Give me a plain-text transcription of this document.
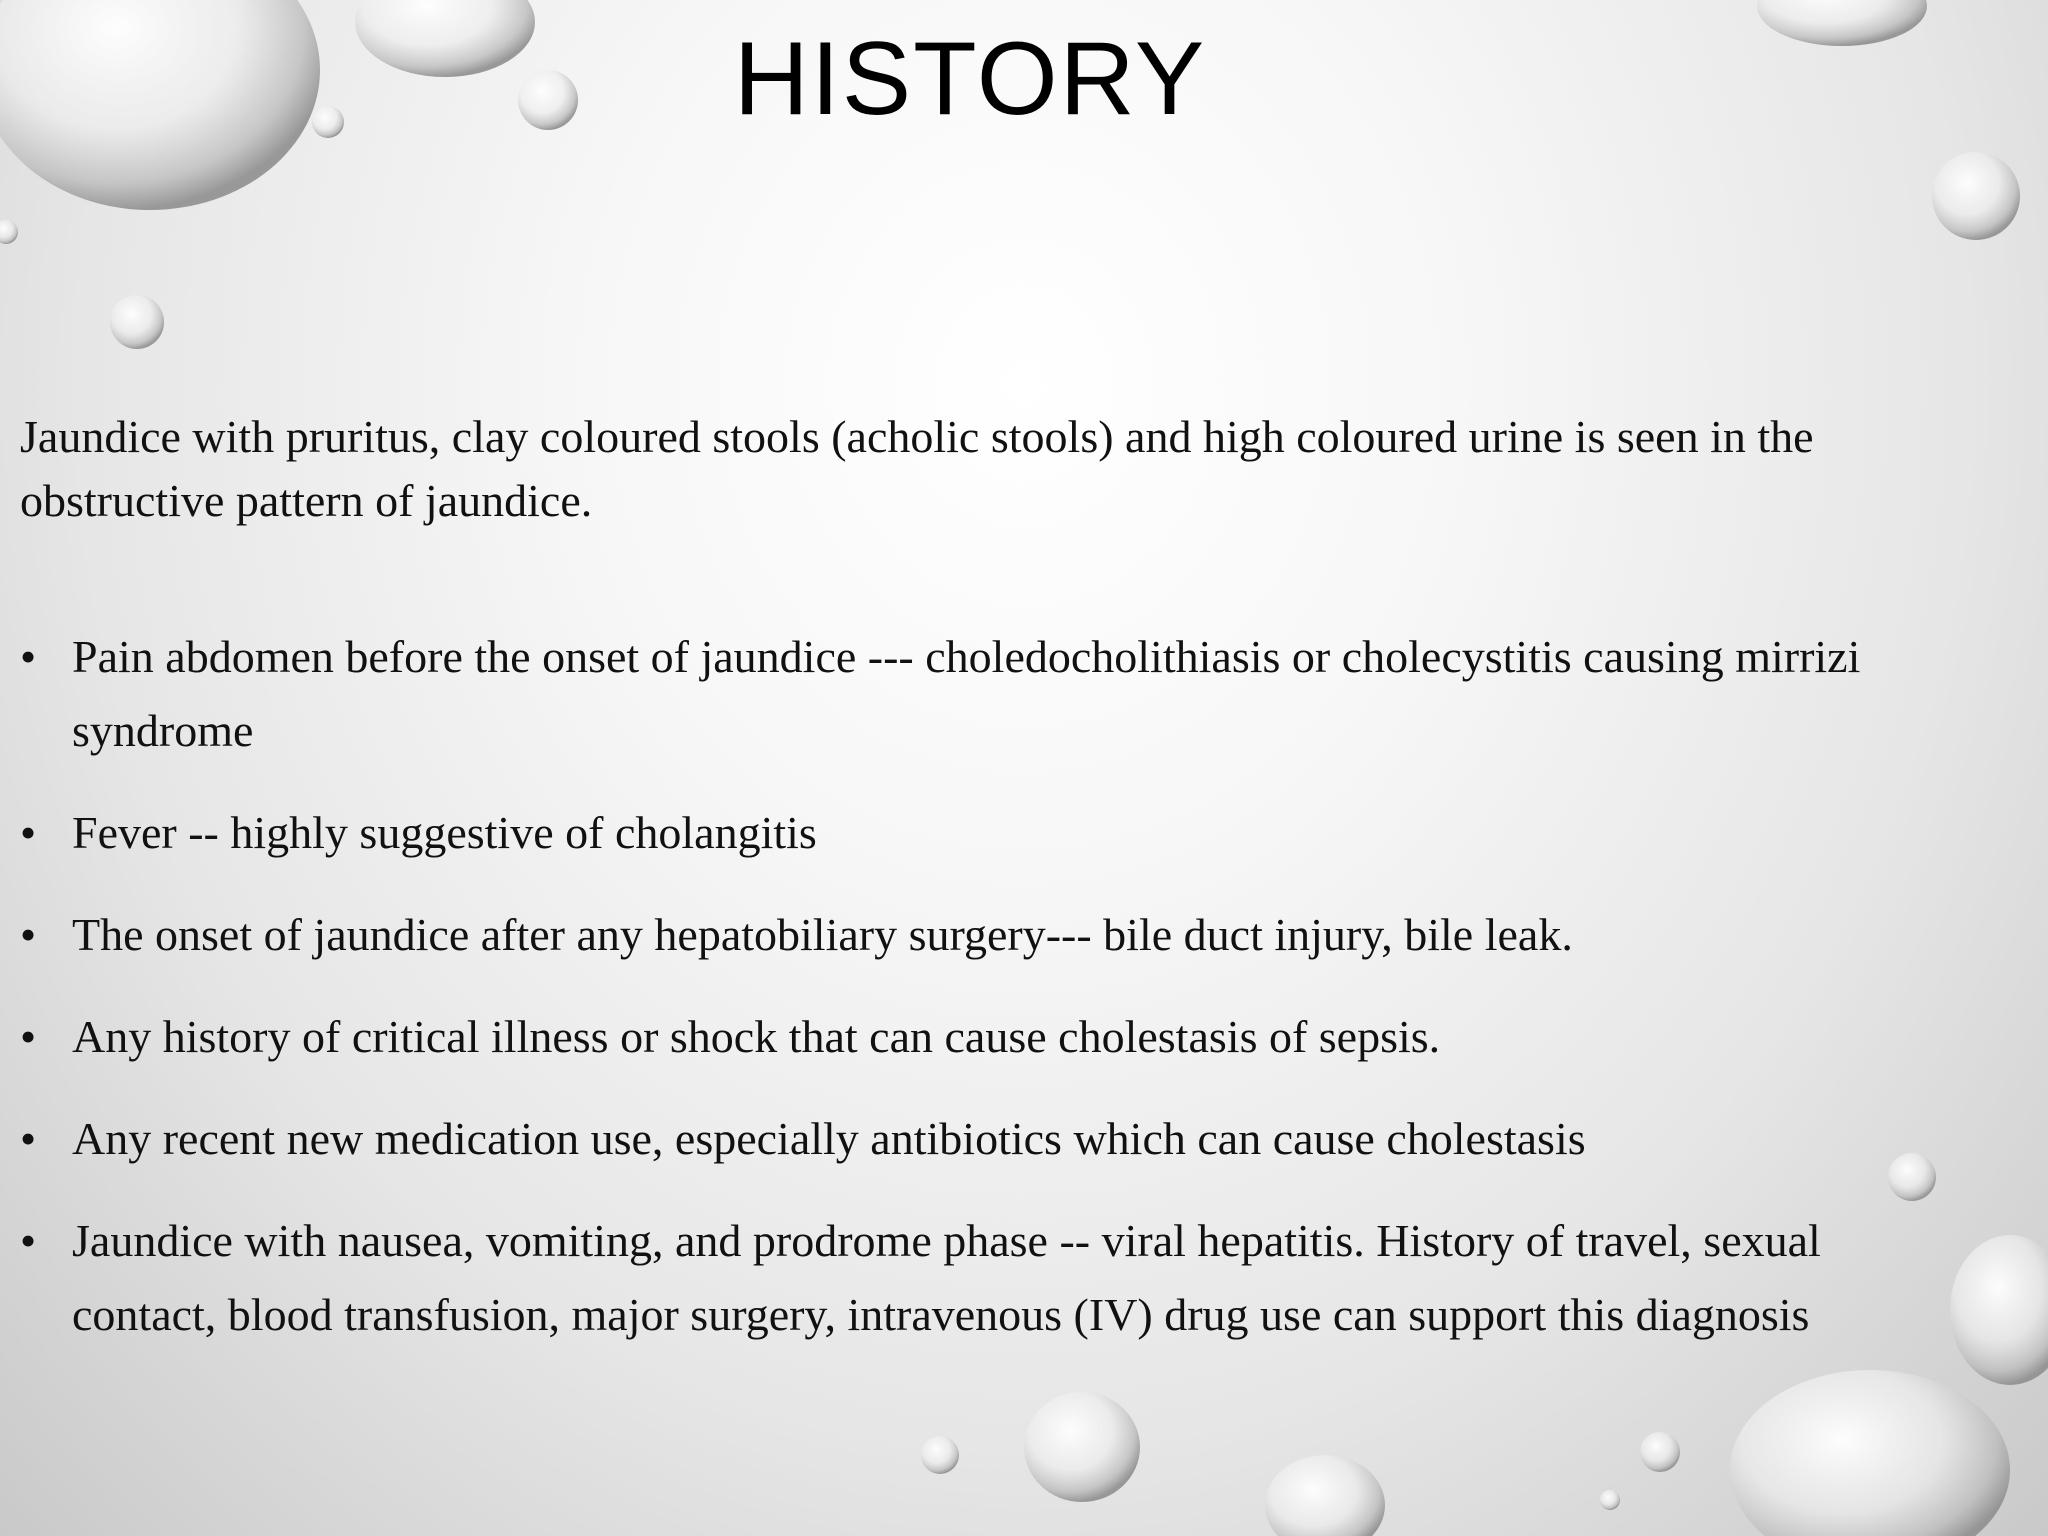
HISTORY

Jaundice with pruritus, clay coloured stools (acholic stools) and high coloured urine is seen in the obstructive pattern of jaundice.

• Pain abdomen before the onset of jaundice --- choledocholithiasis or cholecystitis causing mirrizi syndrome
• Fever -- highly suggestive of cholangitis
• The onset of jaundice after any hepatobiliary surgery--- bile duct injury, bile leak.
• Any history of critical illness or shock that can cause cholestasis of sepsis.
• Any recent new medication use, especially antibiotics which can cause cholestasis
• Jaundice with nausea, vomiting, and prodrome phase -- viral hepatitis. History of travel, sexual contact, blood transfusion, major surgery, intravenous (IV) drug use can support this diagnosis
